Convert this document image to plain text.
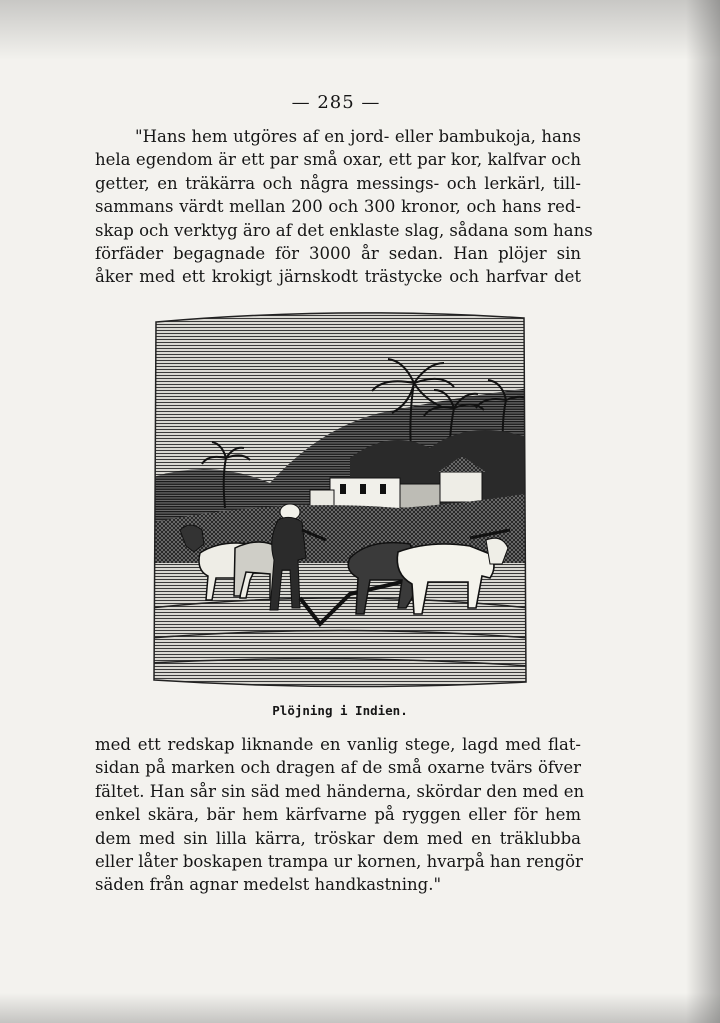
— 285 —

"Hans hem utgöres af en jord- eller bambukoja, hans
hela egendom är ett par små oxar, ett par kor, kalfvar och
getter, en träkärra och några messings- och lerkärl, till-
sammans värdt mellan 200 och 300 kronor, och hans red-
skap och verktyg äro af det enklaste slag, sådana som hans
förfäder begagnade för 3000 år sedan. Han plöjer sin
åker med ett krokigt järnskodt trästycke och harfvar det

Plöjning i Indien.

med ett redskap liknande en vanlig stege, lagd med flat-
sidan på marken och dragen af de små oxarne tvärs öfver
fältet. Han sår sin säd med händerna, skördar den med en
enkel skära, bär hem kärfvarne på ryggen eller för hem
dem med sin lilla kärra, tröskar dem med en träklubba
eller låter boskapen trampa ur kornen, hvarpå han rengör
säden från agnar medelst handkastning."
